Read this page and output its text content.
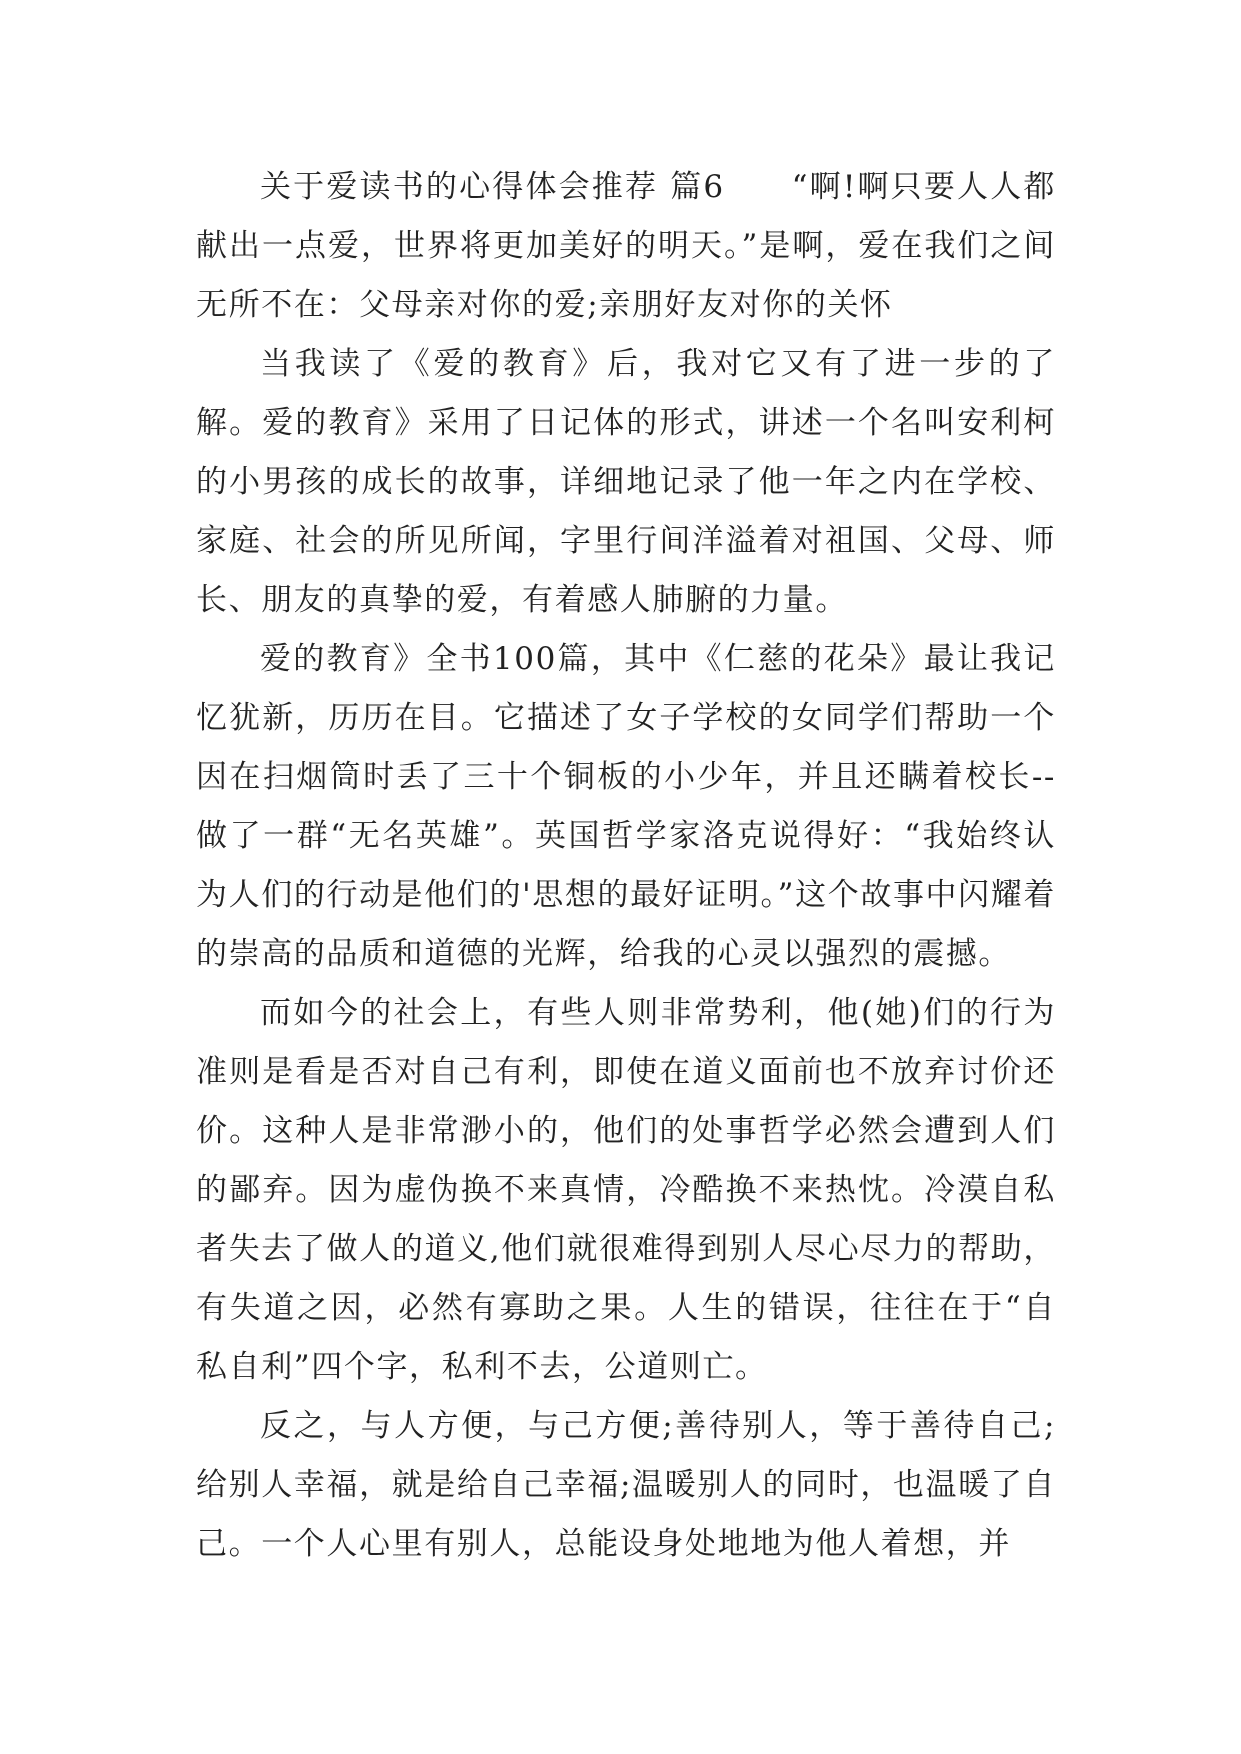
关于爱读书的心得体会推荐 篇6　　“啊!啊只要人人都献出一点爱，世界将更加美好的明天。”是啊，爱在我们之间无所不在：父母亲对你的爱;亲朋好友对你的关怀

当我读了《爱的教育》后，我对它又有了进一步的了解。爱的教育》采用了日记体的形式，讲述一个名叫安利柯的小男孩的成长的故事，详细地记录了他一年之内在学校、家庭、社会的所见所闻，字里行间洋溢着对祖国、父母、师长、朋友的真挚的爱，有着感人肺腑的力量。

爱的教育》全书100篇，其中《仁慈的花朵》最让我记忆犹新，历历在目。它描述了女子学校的女同学们帮助一个因在扫烟筒时丢了三十个铜板的小少年，并且还瞒着校长--做了一群“无名英雄”。英国哲学家洛克说得好：“我始终认为人们的行动是他们的'思想的最好证明。”这个故事中闪耀着的崇高的品质和道德的光辉，给我的心灵以强烈的震撼。

而如今的社会上，有些人则非常势利，他(她)们的行为准则是看是否对自己有利，即使在道义面前也不放弃讨价还价。这种人是非常渺小的，他们的处事哲学必然会遭到人们的鄙弃。因为虚伪换不来真情，冷酷换不来热忱。冷漠自私者失去了做人的道义,他们就很难得到别人尽心尽力的帮助，有失道之因，必然有寡助之果。人生的错误，往往在于“自私自利”四个字，私利不去，公道则亡。

反之，与人方便，与己方便;善待别人，等于善待自己;给别人幸福，就是给自己幸福;温暖别人的同时，也温暖了自己。一个人心里有别人，总能设身处地地为他人着想，并
